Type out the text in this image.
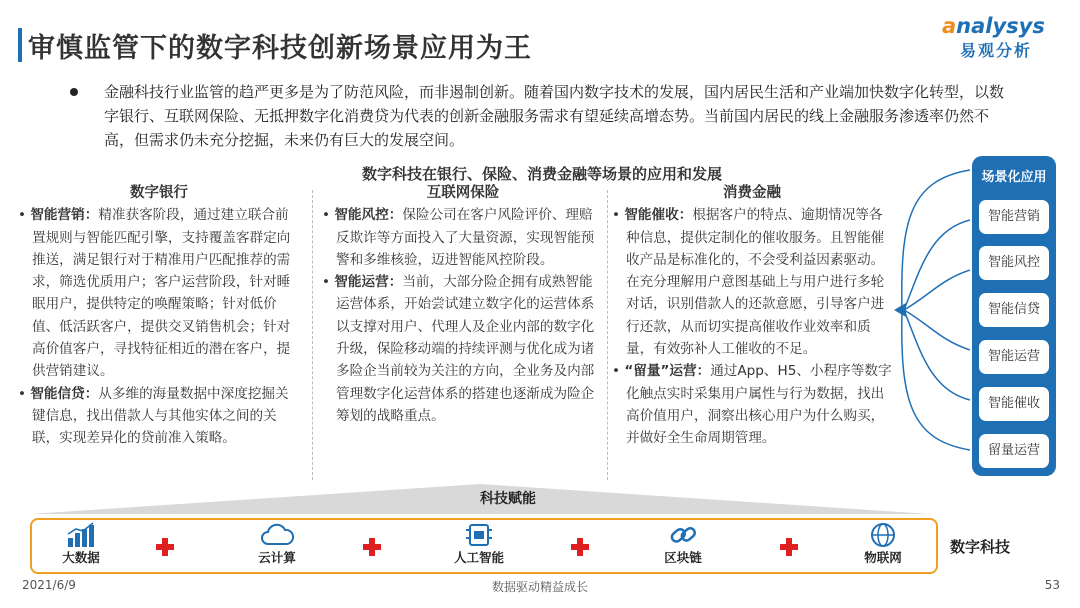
审慎监管下的数字科技创新场景应用为王
analysys
易观分析
金融科技行业监管的趋严更多是为了防范风险，而非遏制创新。随着国内数字技术的发展，国内居民生活和产业端加快数字化转型，以数字银行、互联网保险、无抵押数字化消费贷为代表的创新金融服务需求有望延续高增态势。当前国内居民的线上金融服务渗透率仍然不高，但需求仍未充分挖掘，未来仍有巨大的发展空间。
数字科技在银行、保险、消费金融等场景的应用和发展
数字银行
• 智能营销：精准获客阶段，通过建立联合前置规则与智能匹配引擎，支持覆盖客群定向推送，满足银行对于精准用户匹配推荐的需求，筛选优质用户；客户运营阶段，针对睡眠用户，提供特定的唤醒策略；针对低价值、低活跃客户，提供交叉销售机会；针对高价值客户，寻找特征相近的潜在客户，提供营销建议。
• 智能信贷：从多维的海量数据中深度挖掘关键信息，找出借款人与其他实体之间的关联，实现差异化的贷前准入策略。
互联网保险
• 智能风控：保险公司在客户风险评价、理赔反欺诈等方面投入了大量资源，实现智能预警和多维核验，迈进智能风控阶段。
• 智能运营：当前，大部分险企拥有成熟智能运营体系，开始尝试建立数字化的运营体系以支撑对用户、代理人及企业内部的数字化升级，保险移动端的持续评测与优化成为诸多险企当前较为关注的方向，全业务及内部管理数字化运营体系的搭建也逐渐成为险企筹划的战略重点。
消费金融
• 智能催收：根据客户的特点、逾期情况等各种信息，提供定制化的催收服务。且智能催收产品是标准化的，不会受利益因素驱动。在充分理解用户意图基础上与用户进行多轮对话，识别借款人的还款意愿，引导客户进行还款，从而切实提高催收作业效率和质量，有效弥补人工催收的不足。
• “留量”运营：通过App、H5、小程序等数字化触点实时采集用户属性与行为数据，找出高价值用户，洞察出核心用户为什么购买，并做好全生命周期管理。
场景化应用
智能营销
智能风控
智能信贷
智能运营
智能催收
留量运营
科技赋能
大数据	云计算	人工智能	区块链	物联网
数字科技
2021/6/9	数据驱动精益成长	53
